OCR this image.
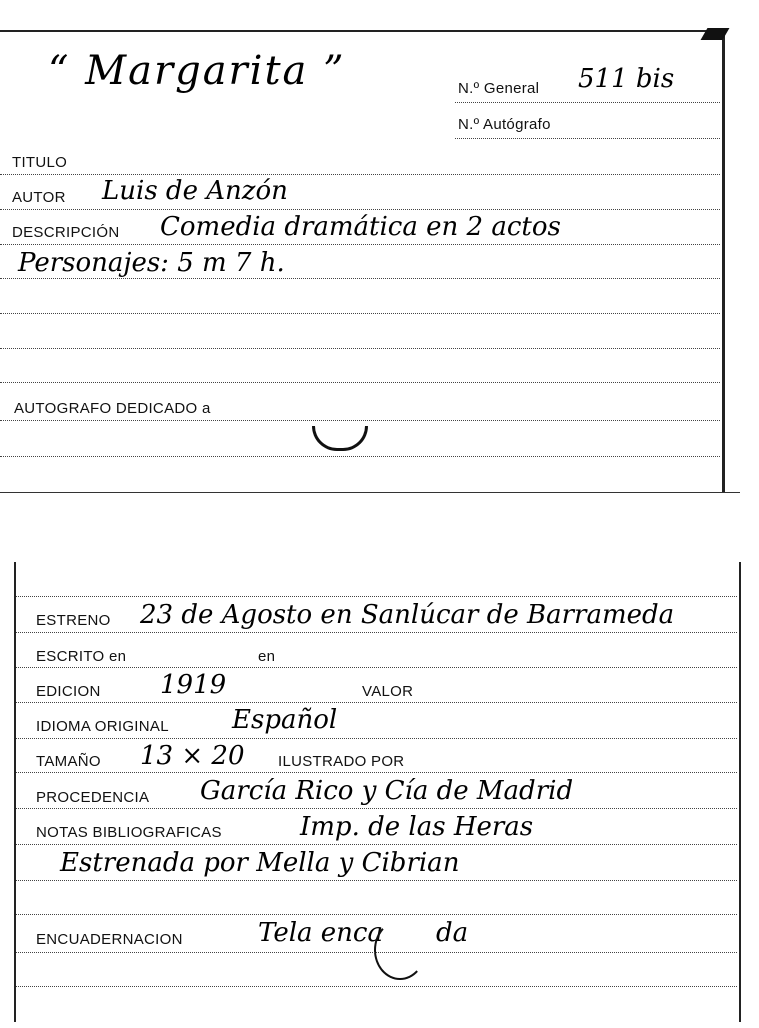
“ Margarita ”	N.º General 511 bis
N.º Autógrafo
TITULO
AUTOR Luis de Anzón
DESCRIPCIÓN Comedia dramática en 2 actos
Personajes: 5 m 7 h.
AUTOGRAFO DEDICADO a
ESTRENO 23 de Agosto en Sanlúcar de Barrameda
ESCRITO en	en
EDICION 1919	VALOR
IDIOMA ORIGINAL Español
TAMAÑO 13 × 20 ILUSTRADO POR
PROCEDENCIA García Rico y Cía de Madrid
NOTAS BIBLIOGRAFICAS	Imp. de las Heras
Estrenada por Mella y Cibrian
ENCUADERNACION	Tela enca da
